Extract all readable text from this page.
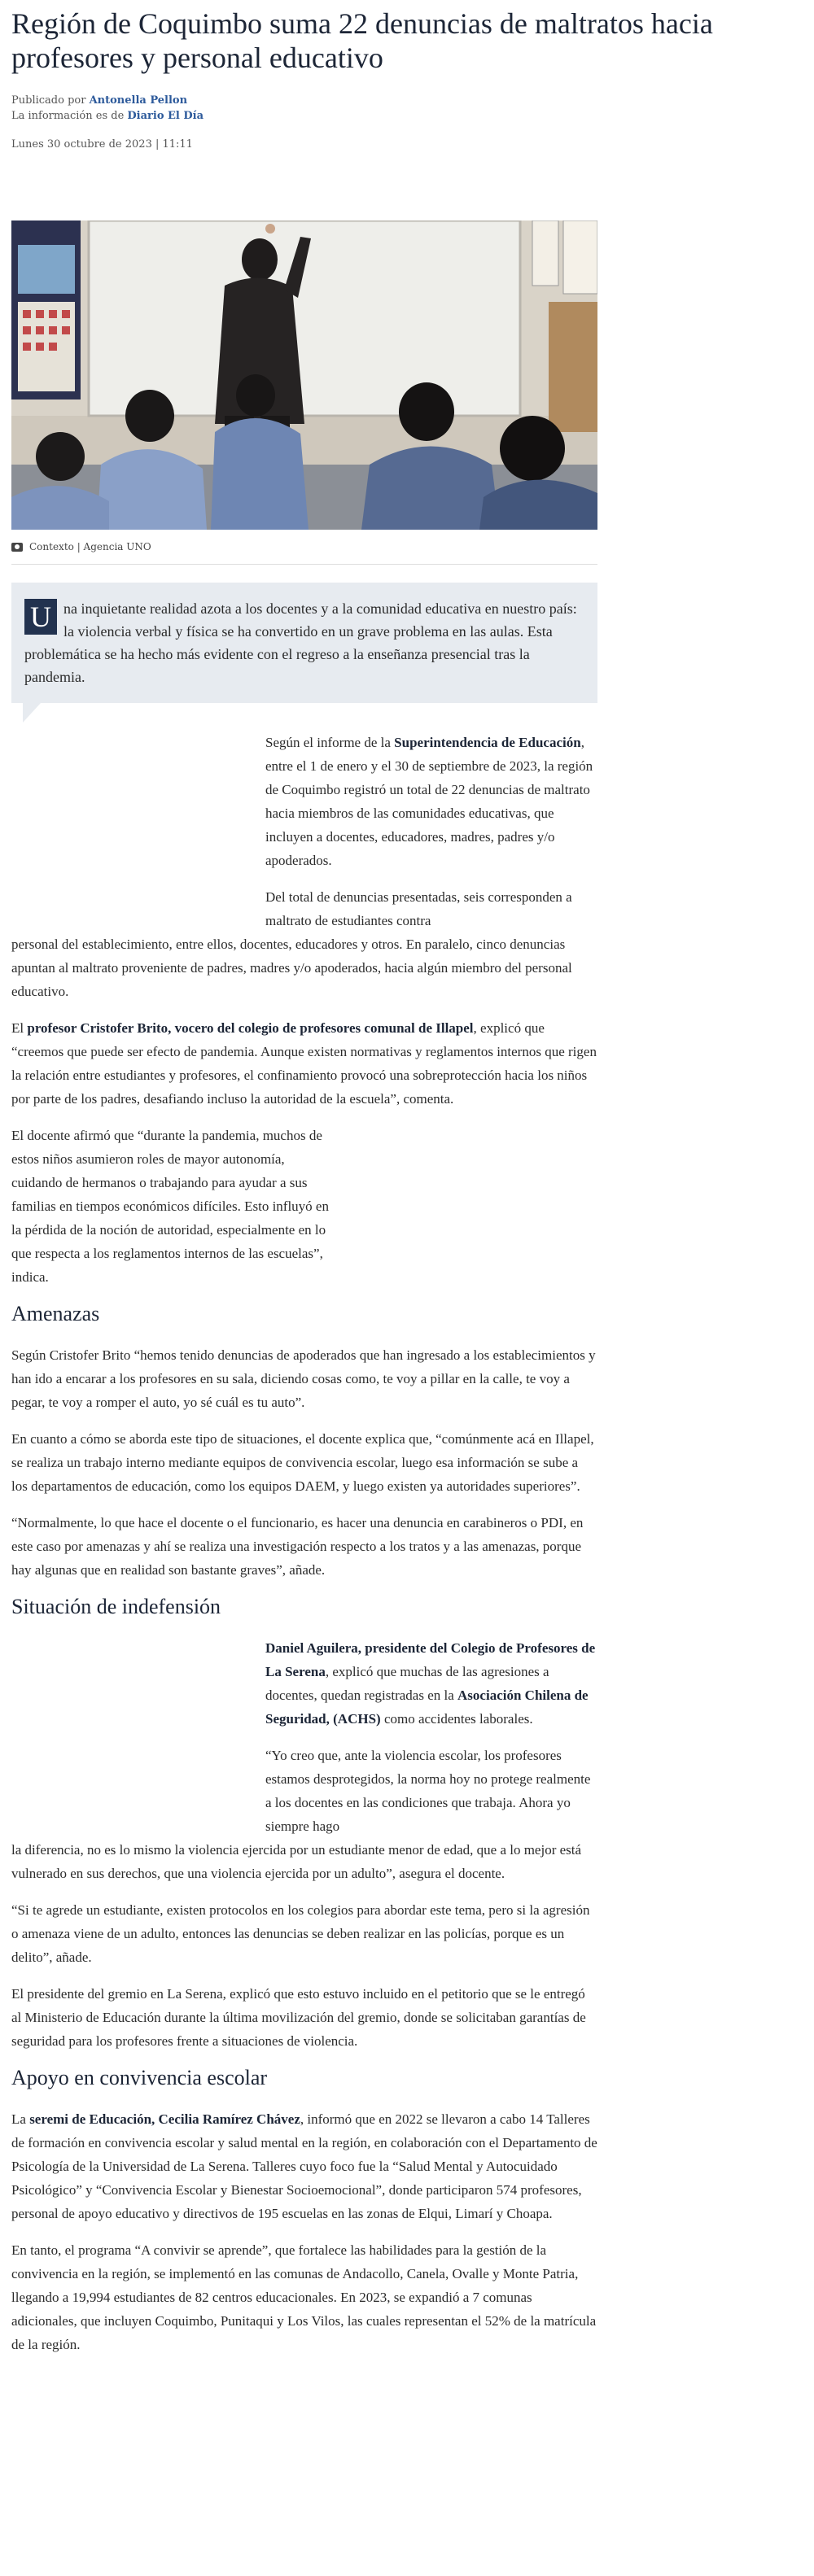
Región de Coquimbo suma 22 denuncias de maltratos hacia profesores y personal educativo
Publicado por Antonella Pellon
La información es de Diario El Día
Lunes 30 octubre de 2023 | 11:11
Contexto | Agencia UNO
U na inquietante realidad azota a los docentes y a la comunidad educativa en nuestro país: la violencia verbal y física se ha convertido en un grave problema en las aulas. Esta problemática se ha hecho más evidente con el regreso a la enseñanza presencial tras la pandemia.

Según el informe de la Superintendencia de Educación, entre el 1 de enero y el 30 de septiembre de 2023, la región de Coquimbo registró un total de 22 denuncias de maltrato hacia miembros de las comunidades educativas, que incluyen a docentes, educadores, madres, padres y/o apoderados.

Del total de denuncias presentadas, seis corresponden a maltrato de estudiantes contra
personal del establecimiento, entre ellos, docentes, educadores y otros. En paralelo, cinco denuncias apuntan al maltrato proveniente de padres, madres y/o apoderados, hacia algún miembro del personal educativo.

El profesor Cristofer Brito, vocero del colegio de profesores comunal de Illapel, explicó que “creemos que puede ser efecto de pandemia. Aunque existen normativas y reglamentos internos que rigen la relación entre estudiantes y profesores, el confinamiento provocó una sobreprotección hacia los niños por parte de los padres, desafiando incluso la autoridad de la escuela”, comenta.

El docente afirmó que “durante la pandemia, muchos de estos niños asumieron roles de mayor autonomía, cuidando de hermanos o trabajando para ayudar a sus familias en tiempos económicos difíciles. Esto influyó en la pérdida de la noción de autoridad, especialmente en lo que respecta a los reglamentos internos de las escuelas”, indica.

Amenazas

Según Cristofer Brito “hemos tenido denuncias de apoderados que han ingresado a los establecimientos y han ido a encarar a los profesores en su sala, diciendo cosas como, te voy a pillar en la calle, te voy a pegar, te voy a romper el auto, yo sé cuál es tu auto”.

En cuanto a cómo se aborda este tipo de situaciones, el docente explica que, “comúnmente acá en Illapel, se realiza un trabajo interno mediante equipos de convivencia escolar, luego esa información se sube a los departamentos de educación, como los equipos DAEM, y luego existen ya autoridades superiores”.

“Normalmente, lo que hace el docente o el funcionario, es hacer una denuncia en carabineros o PDI, en este caso por amenazas y ahí se realiza una investigación respecto a los tratos y a las amenazas, porque hay algunas que en realidad son bastante graves”, añade.

Situación de indefensión

Daniel Aguilera, presidente del Colegio de Profesores de La Serena, explicó que muchas de las agresiones a docentes, quedan registradas en la Asociación Chilena de Seguridad, (ACHS) como accidentes laborales.

“Yo creo que, ante la violencia escolar, los profesores estamos desprotegidos, la norma hoy no protege realmente a los docentes en las condiciones que trabaja. Ahora yo siempre hago
la diferencia, no es lo mismo la violencia ejercida por un estudiante menor de edad, que a lo mejor está vulnerado en sus derechos, que una violencia ejercida por un adulto”, asegura el docente.

“Si te agrede un estudiante, existen protocolos en los colegios para abordar este tema, pero si la agresión o amenaza viene de un adulto, entonces las denuncias se deben realizar en las policías, porque es un delito”, añade.

El presidente del gremio en La Serena, explicó que esto estuvo incluido en el petitorio que se le entregó al Ministerio de Educación durante la última movilización del gremio, donde se solicitaban garantías de seguridad para los profesores frente a situaciones de violencia.

Apoyo en convivencia escolar

La seremi de Educación, Cecilia Ramírez Chávez, informó que en 2022 se llevaron a cabo 14 Talleres de formación en convivencia escolar y salud mental en la región, en colaboración con el Departamento de Psicología de la Universidad de La Serena. Talleres cuyo foco fue la “Salud Mental y Autocuidado Psicológico” y “Convivencia Escolar y Bienestar Socioemocional”, donde participaron 574 profesores, personal de apoyo educativo y directivos de 195 escuelas en las zonas de Elqui, Limarí y Choapa.

En tanto, el programa “A convivir se aprende”, que fortalece las habilidades para la gestión de la convivencia en la región, se implementó en las comunas de Andacollo, Canela, Ovalle y Monte Patria, llegando a 19,994 estudiantes de 82 centros educacionales. En 2023, se expandió a 7 comunas adicionales, que incluyen Coquimbo, Punitaqui y Los Vilos, las cuales representan el 52% de la matrícula de la región.
